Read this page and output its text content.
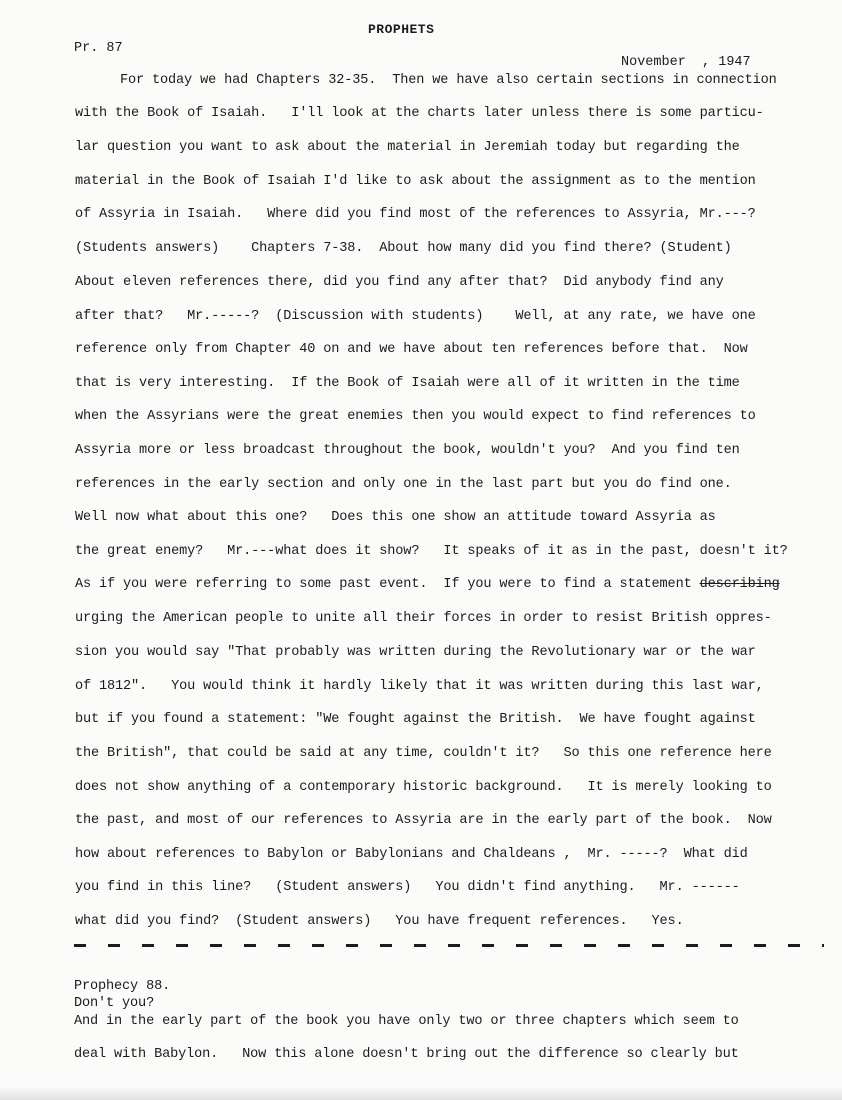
PROPHETS
Pr. 87
November  , 1947
For today we had Chapters 32-35.  Then we have also certain sections in connection
with the Book of Isaiah.   I'll look at the charts later unless there is some particu-
lar question you want to ask about the material in Jeremiah today but regarding the
material in the Book of Isaiah I'd like to ask about the assignment as to the mention
of Assyria in Isaiah.   Where did you find most of the references to Assyria, Mr.---?
(Students answers)    Chapters 7-38.  About how many did you find there? (Student)
About eleven references there, did you find any after that?  Did anybody find any
after that?   Mr.-----?  (Discussion with students)    Well, at any rate, we have one
reference only from Chapter 40 on and we have about ten references before that.  Now
that is very interesting.  If the Book of Isaiah were all of it written in the time
when the Assyrians were the great enemies then you would expect to find references to
Assyria more or less broadcast throughout the book, wouldn't you?  And you find ten
references in the early section and only one in the last part but you do find one.
Well now what about this one?   Does this one show an attitude toward Assyria as
the great enemy?   Mr.---what does it show?   It speaks of it as in the past, doesn't it?
As if you were referring to some past event.  If you were to find a statement describing
urging the American people to unite all their forces in order to resist British oppres-
sion you would say "That probably was written during the Revolutionary war or the war
of 1812".   You would think it hardly likely that it was written during this last war,
but if you found a statement: "We fought against the British.  We have fought against
the British", that could be said at any time, couldn't it?   So this one reference here
does not show anything of a contemporary historic background.   It is merely looking to
the past, and most of our references to Assyria are in the early part of the book.  Now
how about references to Babylon or Babylonians and Chaldeans ,  Mr. -----?  What did
you find in this line?   (Student answers)   You didn't find anything.   Mr. ------
what did you find?  (Student answers)   You have frequent references.   Yes.
Prophecy 88.
Don't you?
And in the early part of the book you have only two or three chapters which seem to
deal with Babylon.   Now this alone doesn't bring out the difference so clearly but
